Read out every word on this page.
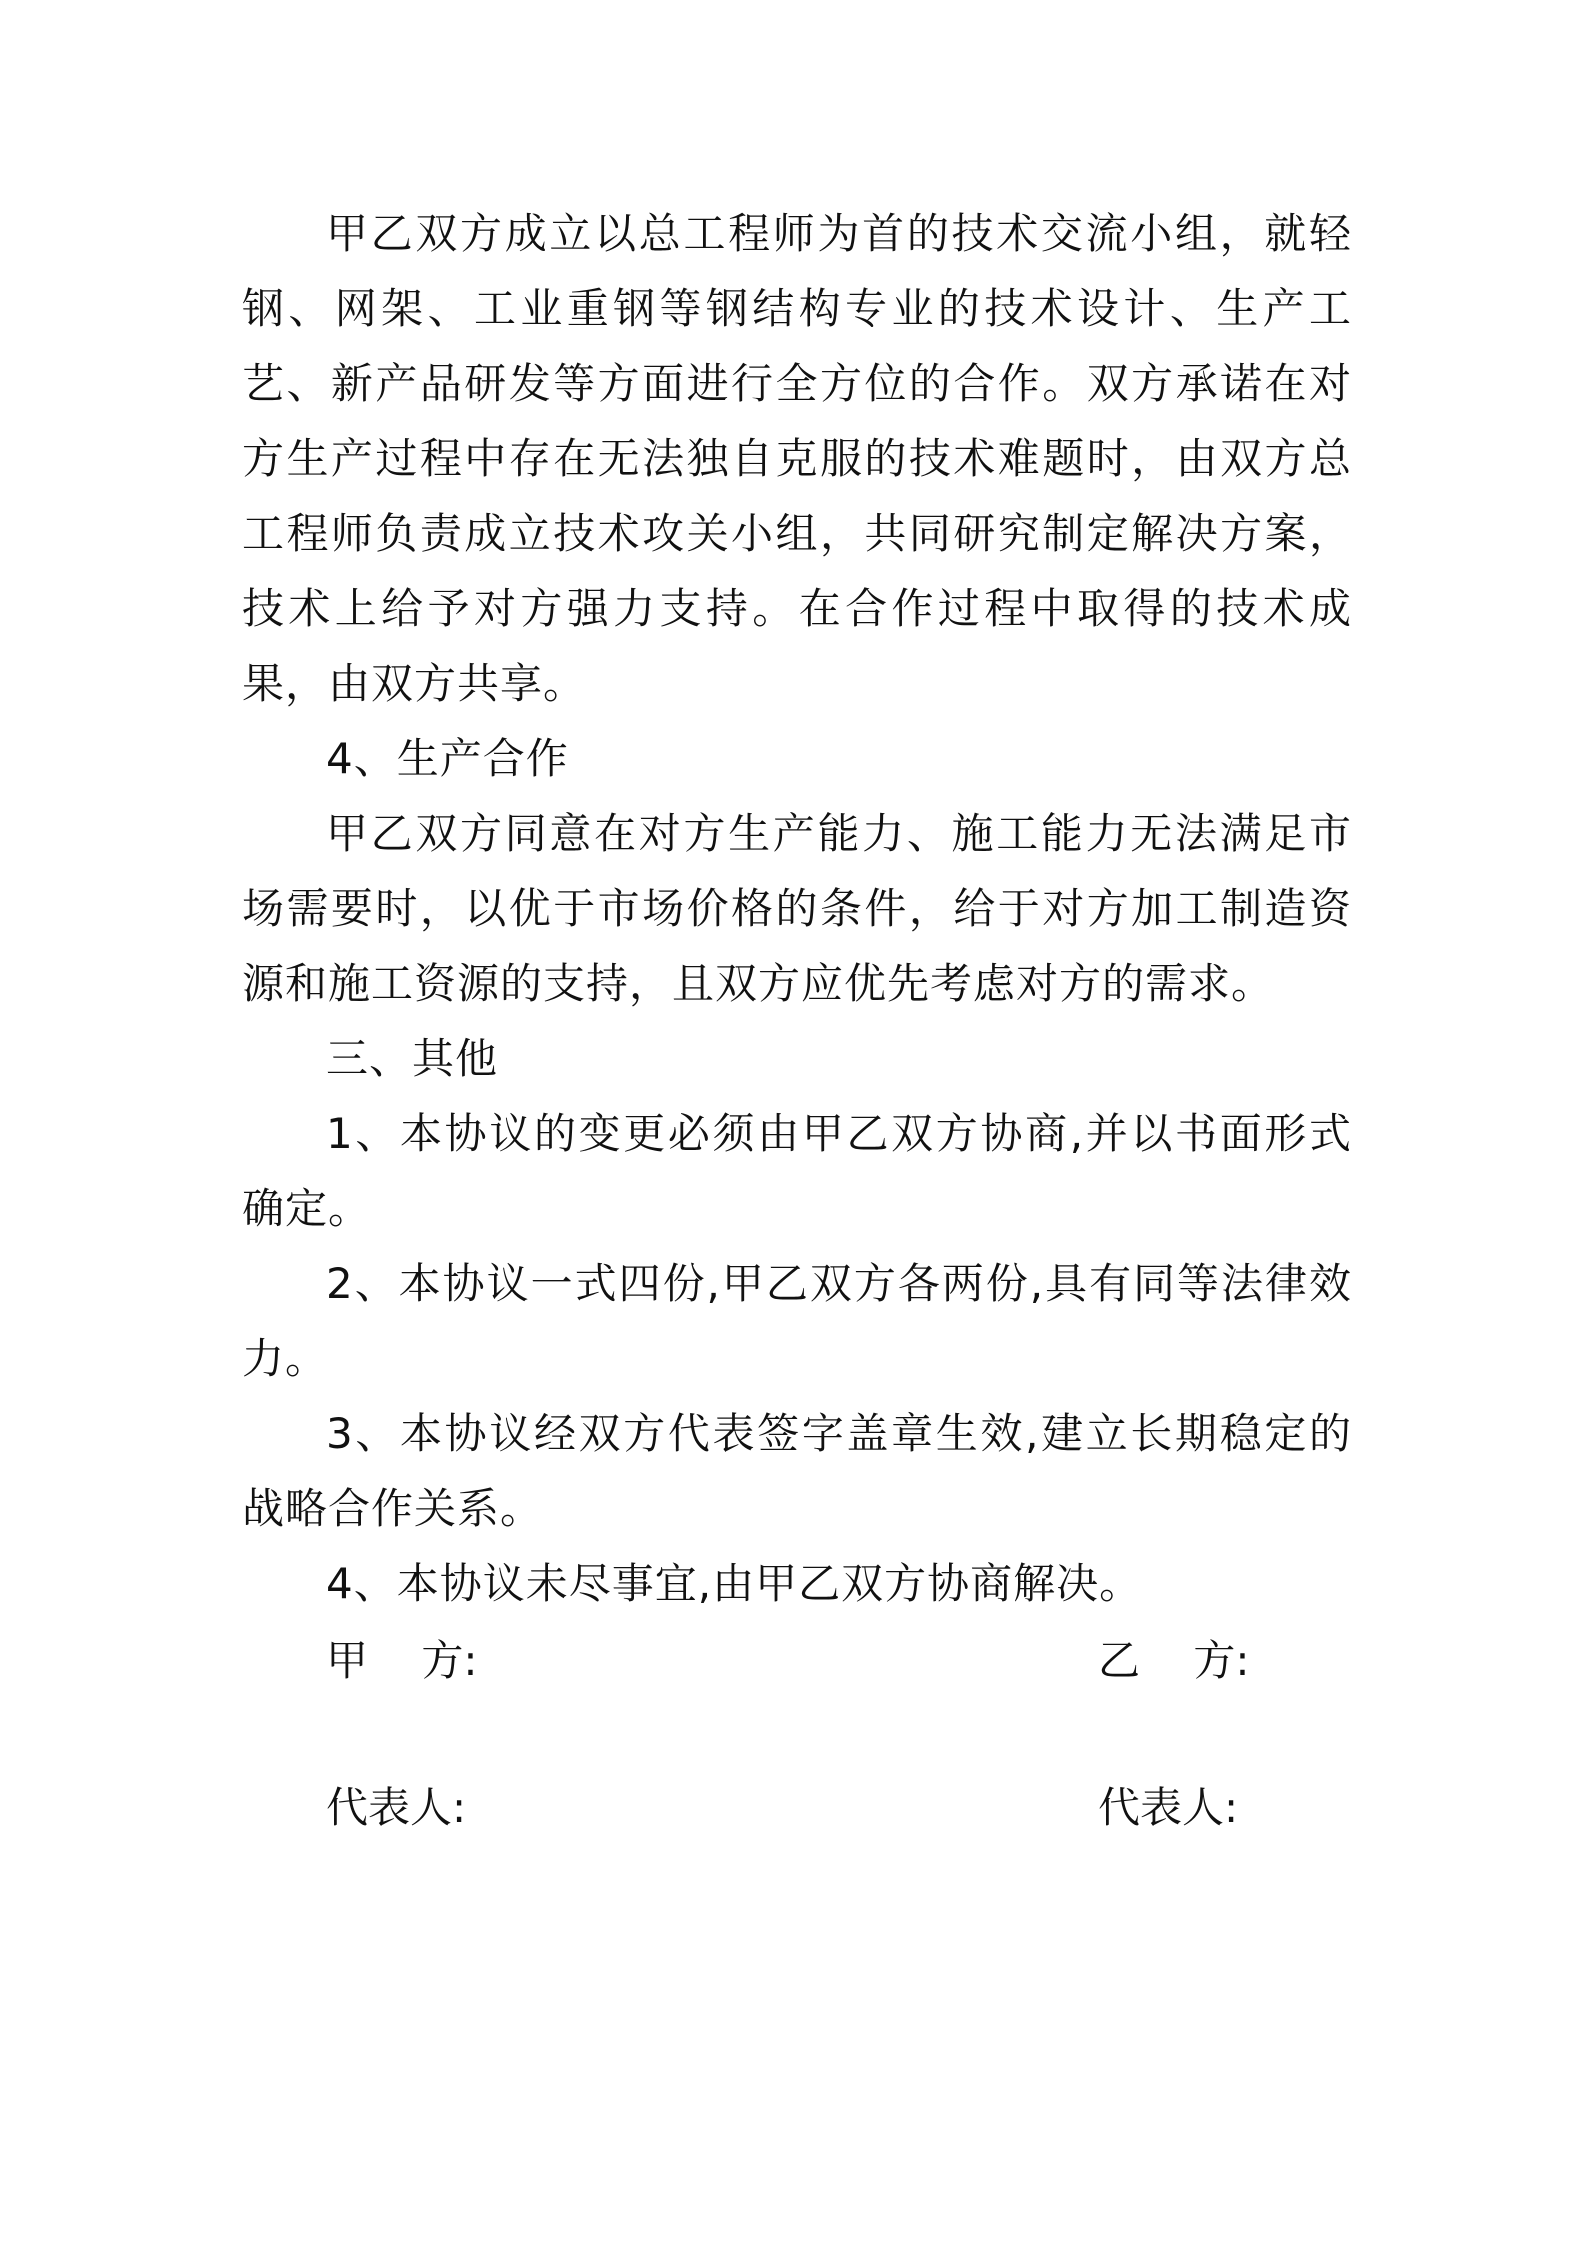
甲乙双方成立以总工程师为首的技术交流小组，就轻钢、网架、工业重钢等钢结构专业的技术设计、生产工艺、新产品研发等方面进行全方位的合作。双方承诺在对方生产过程中存在无法独自克服的技术难题时，由双方总工程师负责成立技术攻关小组，共同研究制定解决方案，技术上给予对方强力支持。在合作过程中取得的技术成果，由双方共享。

4、生产合作

甲乙双方同意在对方生产能力、施工能力无法满足市场需要时，以优于市场价格的条件，给于对方加工制造资源和施工资源的支持，且双方应优先考虑对方的需求。

三、其他

1、本协议的变更必须由甲乙双方协商,并以书面形式确定。

2、本协议一式四份,甲乙双方各两份,具有同等法律效力。

3、本协议经双方代表签字盖章生效,建立长期稳定的战略合作关系。

4、本协议未尽事宜,由甲乙双方协商解决。

甲    方:	乙    方:
代表人:	代表人:
